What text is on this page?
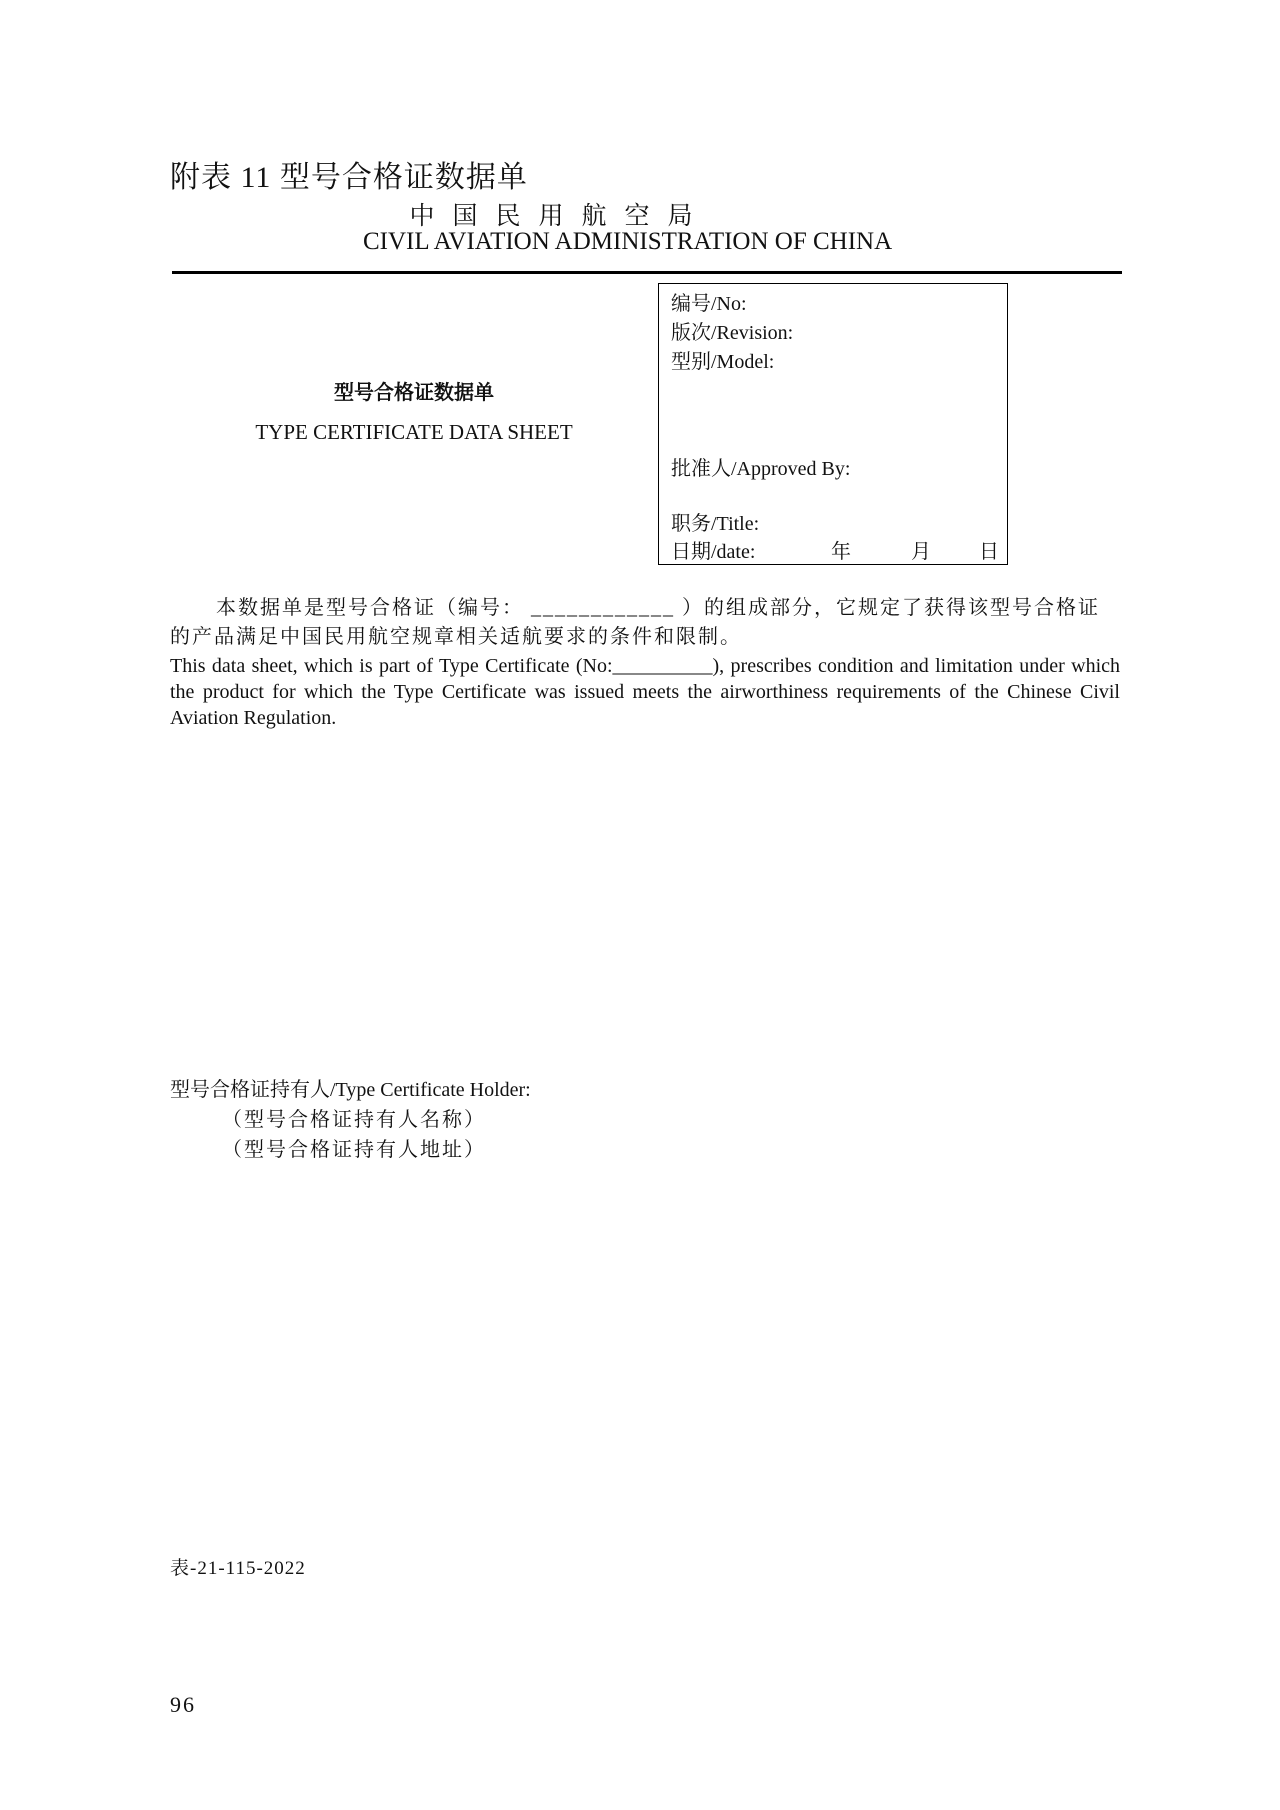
附表 11 型号合格证数据单
中国民用航空局
CIVIL AVIATION ADMINISTRATION OF CHINA
型号合格证数据单
TYPE CERTIFICATE DATA SHEET
编号/No:
版次/Revision:
型别/Model:
批准人/Approved By:
职务/Title:
日期/date:	年	月 日
本数据单是型号合格证（编号： ____________ ）的组成部分，它规定了获得该型号合格证的产品满足中国民用航空规章相关适航要求的条件和限制。
This data sheet, which is part of Type Certificate (No:__________), prescribes condition and limitation under which the product for which the Type Certificate was issued meets the airworthiness requirements of the Chinese Civil Aviation Regulation.
型号合格证持有人/Type Certificate Holder:
（型号合格证持有人名称）
（型号合格证持有人地址）
表-21-115-2022
96
